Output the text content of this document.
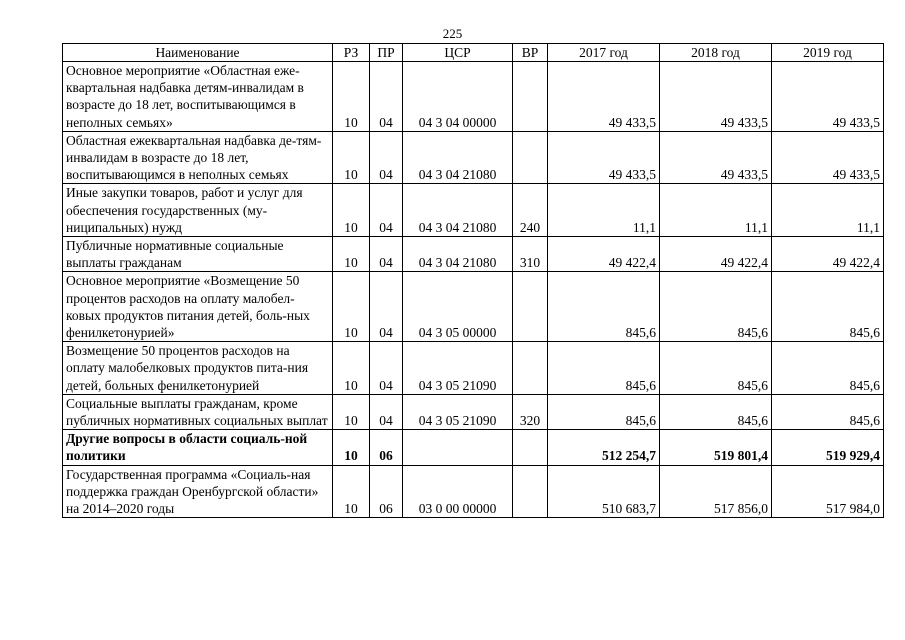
225
Наименование	РЗ	ПР	ЦСР	ВР	2017 год	2018 год	2019 год
Основное мероприятие «Областная еже-квартальная надбавка детям-инвалидам в возрасте до 18 лет, воспитывающимся в неполных семьях»	10	04	04 3 04 00000		49 433,5	49 433,5	49 433,5
Областная ежеквартальная надбавка де-тям-инвалидам в возрасте до 18 лет, воспитывающимся в неполных семьях	10	04	04 3 04 21080		49 433,5	49 433,5	49 433,5
Иные закупки товаров, работ и услуг для обеспечения государственных (му-ниципальных) нужд	10	04	04 3 04 21080	240	11,1	11,1	11,1
Публичные нормативные социальные выплаты гражданам	10	04	04 3 04 21080	310	49 422,4	49 422,4	49 422,4
Основное мероприятие «Возмещение 50 процентов расходов на оплату малобел-ковых продуктов питания детей, боль-ных фенилкетонурией»	10	04	04 3 05 00000		845,6	845,6	845,6
Возмещение 50 процентов расходов на оплату малобелковых продуктов пита-ния детей, больных фенилкетонурией	10	04	04 3 05 21090		845,6	845,6	845,6
Социальные выплаты гражданам, кроме публичных нормативных социальных выплат	10	04	04 3 05 21090	320	845,6	845,6	845,6
Другие вопросы в области социаль-ной политики	10	06			512 254,7	519 801,4	519 929,4
Государственная программа «Социаль-ная поддержка граждан Оренбургской области» на 2014–2020 годы	10	06	03 0 00 00000		510 683,7	517 856,0	517 984,0
